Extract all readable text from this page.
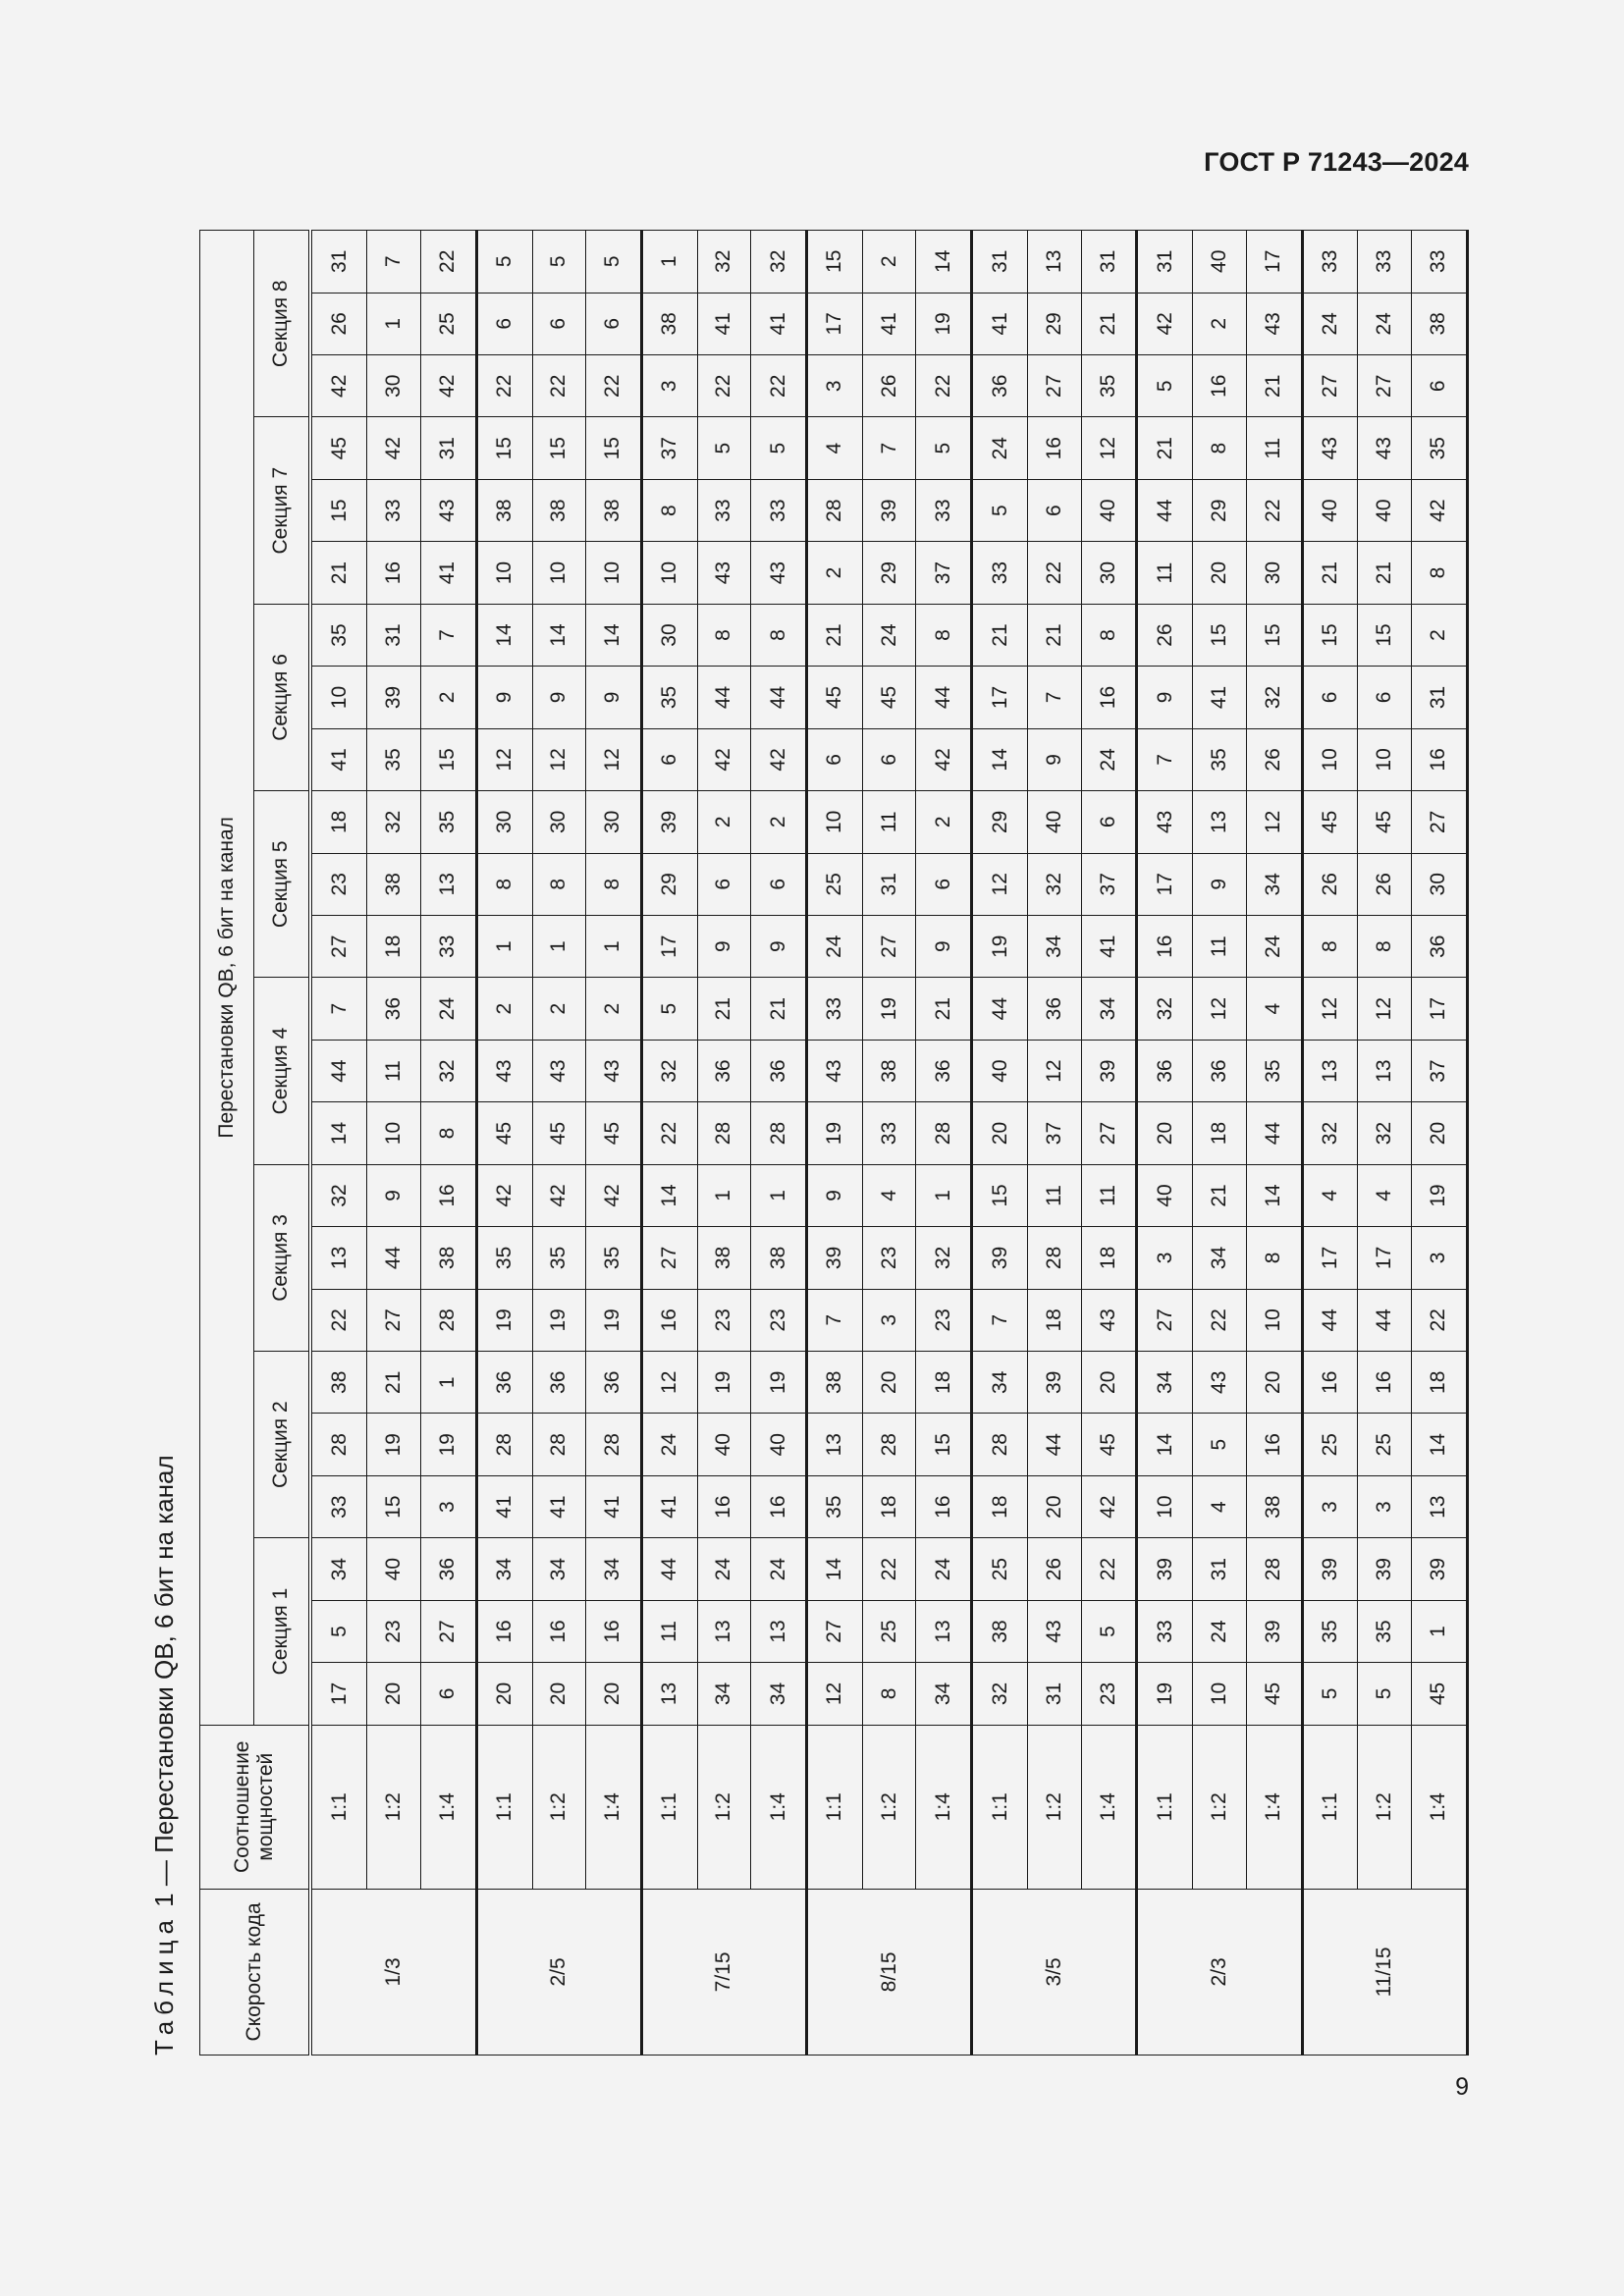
ГОСТ Р 71243—2024
Таблица 1 — Перестановки QB, 6 бит на канал
Скорость кода	Соотношение мощностей	Перестановки QB, 6 бит на канал																							
		Секция 1			Секция 2			Секция 3			Секция 4			Секция 5			Секция 6			Секция 7			Секция 8		
1/3	1:1	17	5	34	33	28	38	22	13	32	14	44	7	27	23	18	41	10	35	21	15	45	42	26	31
	1:2	20	23	40	15	19	21	27	44	9	10	11	36	18	38	32	35	39	31	16	33	42	30	1	7
	1:4	6	27	36	3	19	1	28	38	16	8	32	24	33	13	35	15	2	7	41	43	31	42	25	22
2/5	1:1	20	16	34	41	28	36	19	35	42	45	43	2	1	8	30	12	9	14	10	38	15	22	6	5
	1:2	20	16	34	41	28	36	19	35	42	45	43	2	1	8	30	12	9	14	10	38	15	22	6	5
	1:4	20	16	34	41	28	36	19	35	42	45	43	2	1	8	30	12	9	14	10	38	15	22	6	5
7/15	1:1	13	11	44	41	24	12	16	27	14	22	32	5	17	29	39	6	35	30	10	8	37	3	38	1
	1:2	34	13	24	16	40	19	23	38	1	28	36	21	9	6	2	42	44	8	43	33	5	22	41	32
	1:4	34	13	24	16	40	19	23	38	1	28	36	21	9	6	2	42	44	8	43	33	5	22	41	32
8/15	1:1	12	27	14	35	13	38	7	39	9	19	43	33	24	25	10	6	45	21	2	28	4	3	17	15
	1:2	8	25	22	18	28	20	3	23	4	33	38	19	27	31	11	6	45	24	29	39	7	26	41	2
	1:4	34	13	24	16	15	18	23	32	1	28	36	21	9	6	2	42	44	8	37	33	5	22	19	14
3/5	1:1	32	38	25	18	28	34	7	39	15	20	40	44	19	12	29	14	17	21	33	5	24	36	41	31
	1:2	31	43	26	20	44	39	18	28	11	37	12	36	34	32	40	9	7	21	22	6	16	27	29	13
	1:4	23	5	22	42	45	20	43	18	11	27	39	34	41	37	6	24	16	8	30	40	12	35	21	31
2/3	1:1	19	33	39	10	14	34	27	3	40	20	36	32	16	17	43	7	9	26	11	44	21	5	42	31
	1:2	10	24	31	4	5	43	22	34	21	18	36	12	11	9	13	35	41	15	20	29	8	16	2	40
	1:4	45	39	28	38	16	20	10	8	14	44	35	4	24	34	12	26	32	15	30	22	11	21	43	17
11/15	1:1	5	35	39	3	25	16	44	17	4	32	13	12	8	26	45	10	6	15	21	40	43	27	24	33
	1:2	5	35	39	3	25	16	44	17	4	32	13	12	8	26	45	10	6	15	21	40	43	27	24	33
	1:4	45	1	39	13	14	18	22	3	19	20	37	17	36	30	27	16	31	2	8	42	35	6	38	33
9
